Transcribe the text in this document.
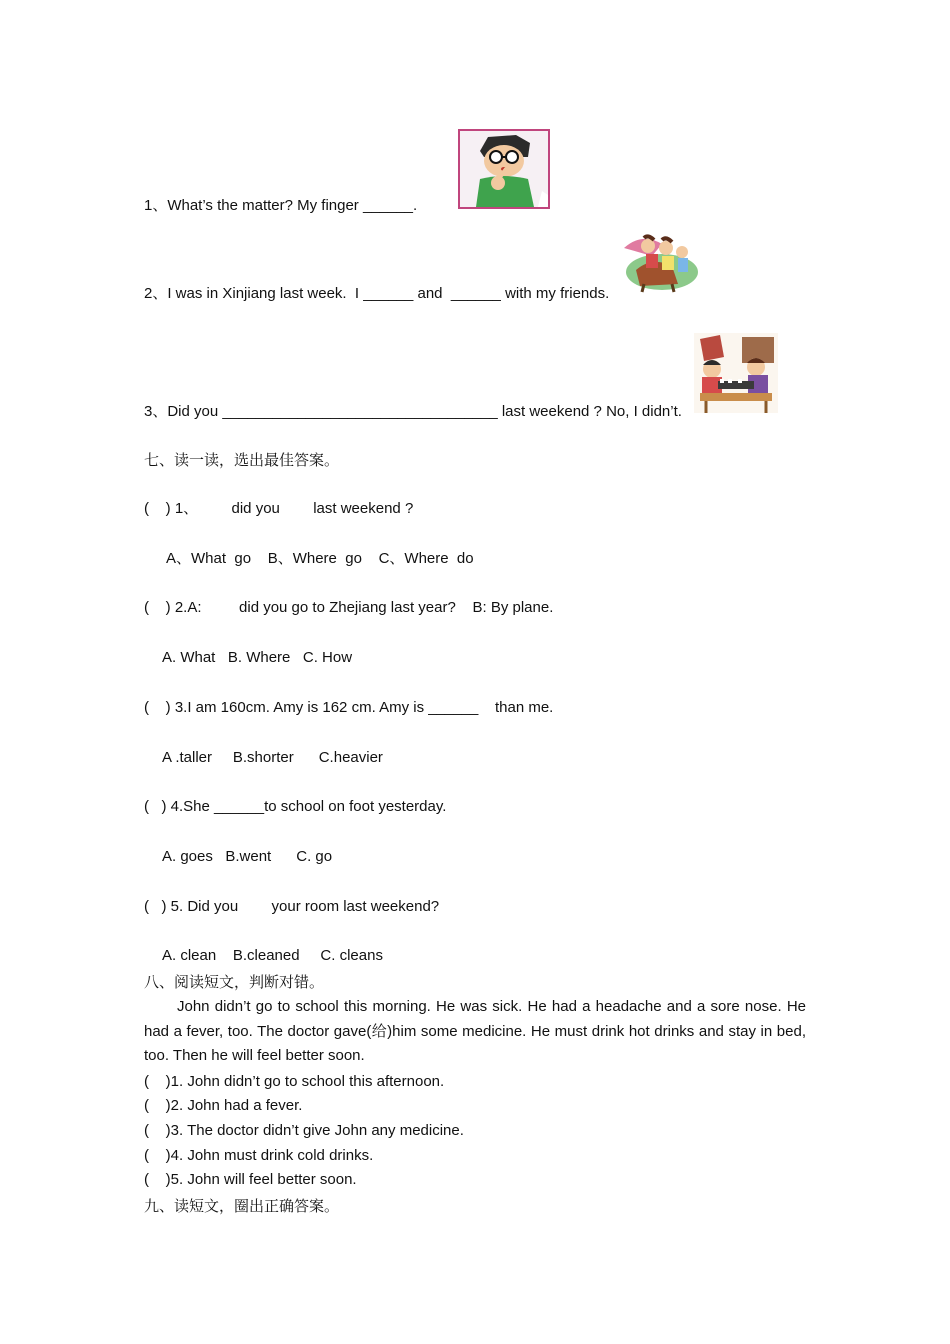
1、What’s the matter? My finger ______.
2、I was in Xinjiang last week.  I ______ and  ______ with my friends.
3、Did you _________________________________ last weekend ? No, I didn’t.
七、读一读，选出最佳答案。
(    ) 1、        did you        last weekend ?
A、What  go    B、Where  go    C、Where  do
(    ) 2.A:         did you go to Zhejiang last year?    B: By plane.
A. What   B. Where   C. How
(    ) 3.I am 160cm. Amy is 162 cm. Amy is ______    than me.
A .taller     B.shorter      C.heavier
(   ) 4.She ______to school on foot yesterday.
A. goes   B.went      C. go
(   ) 5. Did you        your room last weekend?
A. clean    B.cleaned     C. cleans
八、阅读短文，判断对错。
John didn’t go to school this morning. He was sick. He had a headache and a sore nose. He had a fever, too. The doctor gave(给)him some medicine. He must drink hot drinks and stay in bed, too. Then he will feel better soon.
(    )1. John didn’t go to school this afternoon.
(    )2. John had a fever.
(    )3. The doctor didn’t give John any medicine.
(    )4. John must drink cold drinks.
(    )5. John will feel better soon.
九、读短文，圈出正确答案。
